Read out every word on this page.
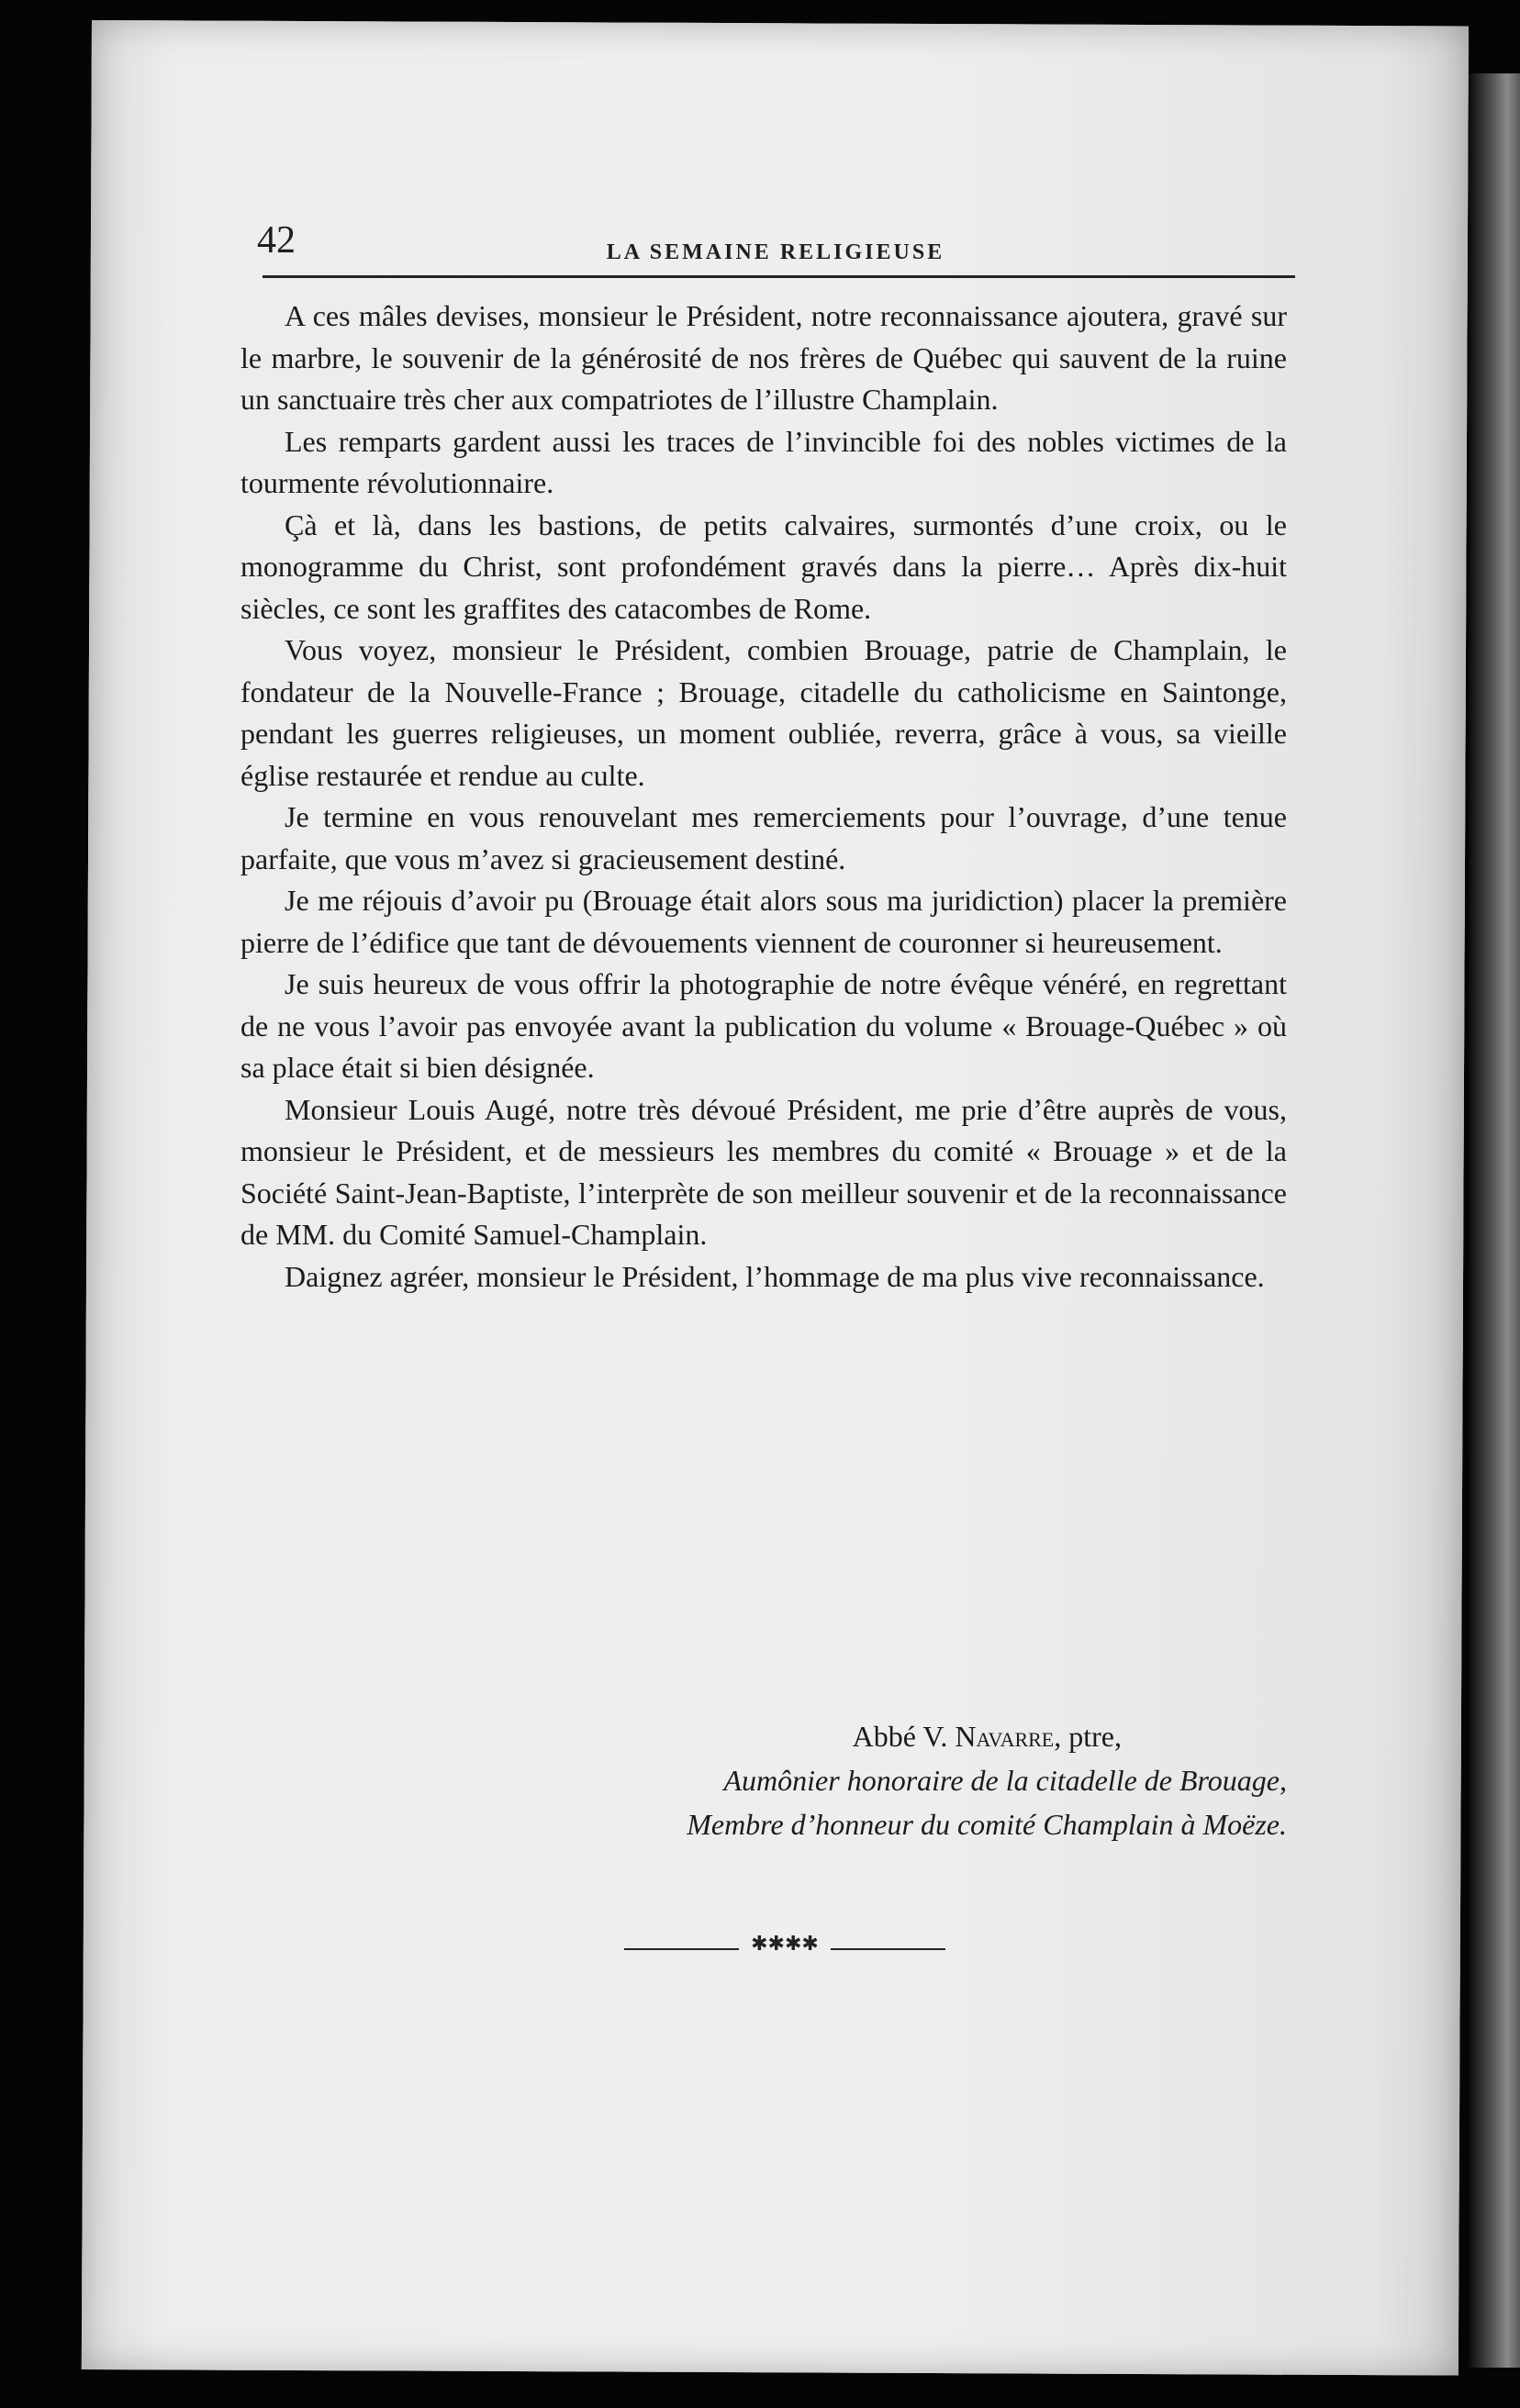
42	LA SEMAINE RELIGIEUSE

A ces mâles devises, monsieur le Président, notre reconnaissance ajoutera, gravé sur le marbre, le souvenir de la générosité de nos frères de Québec qui sauvent de la ruine un sanctuaire très cher aux compatriotes de l’illustre Champlain.

Les remparts gardent aussi les traces de l’invincible foi des nobles victimes de la tourmente révolutionnaire.

Çà et là, dans les bastions, de petits calvaires, surmontés d’une croix, ou le monogramme du Christ, sont profondément gravés dans la pierre… Après dix-huit siècles, ce sont les graffites des catacombes de Rome.

Vous voyez, monsieur le Président, combien Brouage, patrie de Champlain, le fondateur de la Nouvelle-France ; Brouage, citadelle du catholicisme en Saintonge, pendant les guerres religieuses, un moment oubliée, reverra, grâce à vous, sa vieille église restaurée et rendue au culte.

Je termine en vous renouvelant mes remerciements pour l’ouvrage, d’une tenue parfaite, que vous m’avez si gracieusement destiné.

Je me réjouis d’avoir pu (Brouage était alors sous ma juridiction) placer la première pierre de l’édifice que tant de dévouements viennent de couronner si heureusement.

Je suis heureux de vous offrir la photographie de notre évêque vénéré, en regrettant de ne vous l’avoir pas envoyée avant la publication du volume « Brouage-Québec » où sa place était si bien désignée.

Monsieur Louis Augé, notre très dévoué Président, me prie d’être auprès de vous, monsieur le Président, et de messieurs les membres du comité « Brouage » et de la Société Saint-Jean-Baptiste, l’interprète de son meilleur souvenir et de la reconnaissance de MM. du Comité Samuel-Champlain.

Daignez agréer, monsieur le Président, l’hommage de ma plus vive reconnaissance.

Abbé V. Navarre, ptre,
Aumônier honoraire de la citadelle de Brouage,
Membre d’honneur du comité Champlain à Moëze.
✱✱✱✱
